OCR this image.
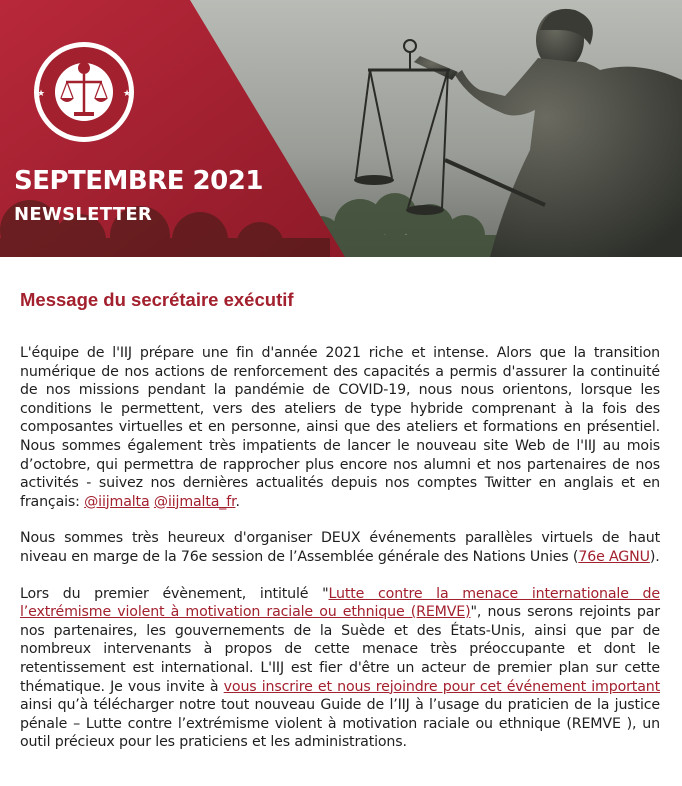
★	★
SEPTEMBRE 2021
NEWSLETTER
Message du secrétaire exécutif

L'équipe de l'IIJ prépare une fin d'année 2021 riche et intense. Alors que la transition numérique de nos actions de renforcement des capacités a permis d'assurer la continuité de nos missions pendant la pandémie de COVID-19, nous nous orientons, lorsque les conditions le permettent, vers des ateliers de type hybride comprenant à la fois des composantes virtuelles et en personne, ainsi que des ateliers et formations en présentiel. Nous sommes également très impatients de lancer le nouveau site Web de l'IIJ au mois d’octobre, qui permettra de rapprocher plus encore nos alumni et nos partenaires de nos activités - suivez nos dernières actualités depuis nos comptes Twitter en anglais et en français: @iijmalta @iijmalta_fr.

Nous sommes très heureux d'organiser DEUX événements parallèles virtuels de haut niveau en marge de la 76e session de l’Assemblée générale des Nations Unies (76e AGNU).

Lors du premier évènement, intitulé "Lutte contre la menace internationale de l’extrémisme violent à motivation raciale ou ethnique (REMVE)", nous serons rejoints par nos partenaires, les gouvernements de la Suède et des États-Unis, ainsi que par de nombreux intervenants à propos de cette menace très préoccupante et dont le retentissement est international. L'IIJ est fier d'être un acteur de premier plan sur cette thématique. Je vous invite à vous inscrire et nous rejoindre pour cet événement important ainsi qu’à télécharger notre tout nouveau Guide de l’IIJ à l’usage du praticien de la justice pénale – Lutte contre l’extrémisme violent à motivation raciale ou ethnique (REMVE ), un outil précieux pour les praticiens et les administrations.
